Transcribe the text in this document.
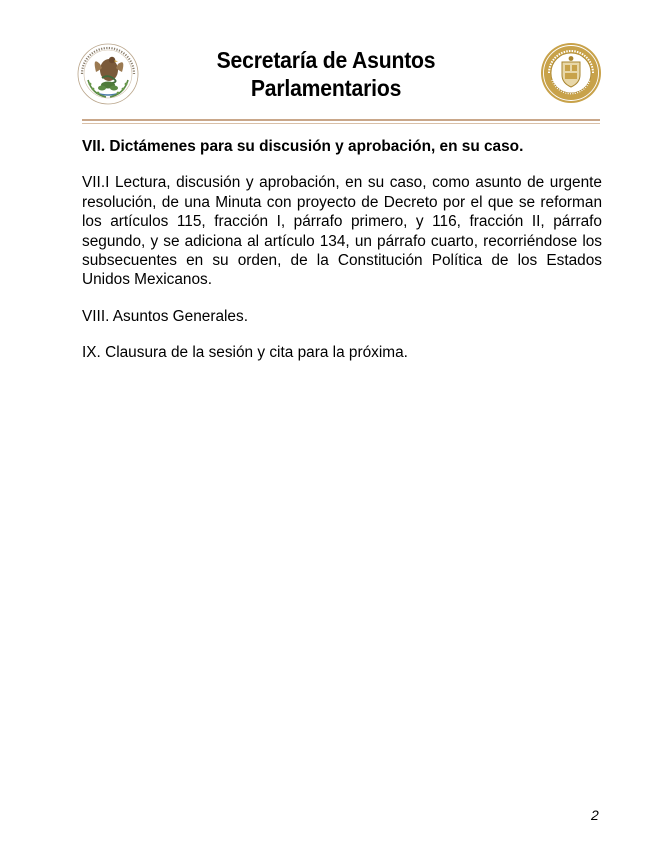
Secretaría de Asuntos
Parlamentarios

VII. Dictámenes para su discusión y aprobación, en su caso.

VII.I Lectura, discusión y aprobación, en su caso, como asunto de urgente resolución, de una Minuta con proyecto de Decreto por el que se reforman los artículos 115, fracción I, párrafo primero, y 116, fracción II, párrafo segundo, y se adiciona al artículo 134, un párrafo cuarto, recorriéndose los subsecuentes en su orden, de la Constitución Política de los Estados Unidos Mexicanos.

VIII. Asuntos Generales.

IX. Clausura de la sesión y cita para la próxima.

2
